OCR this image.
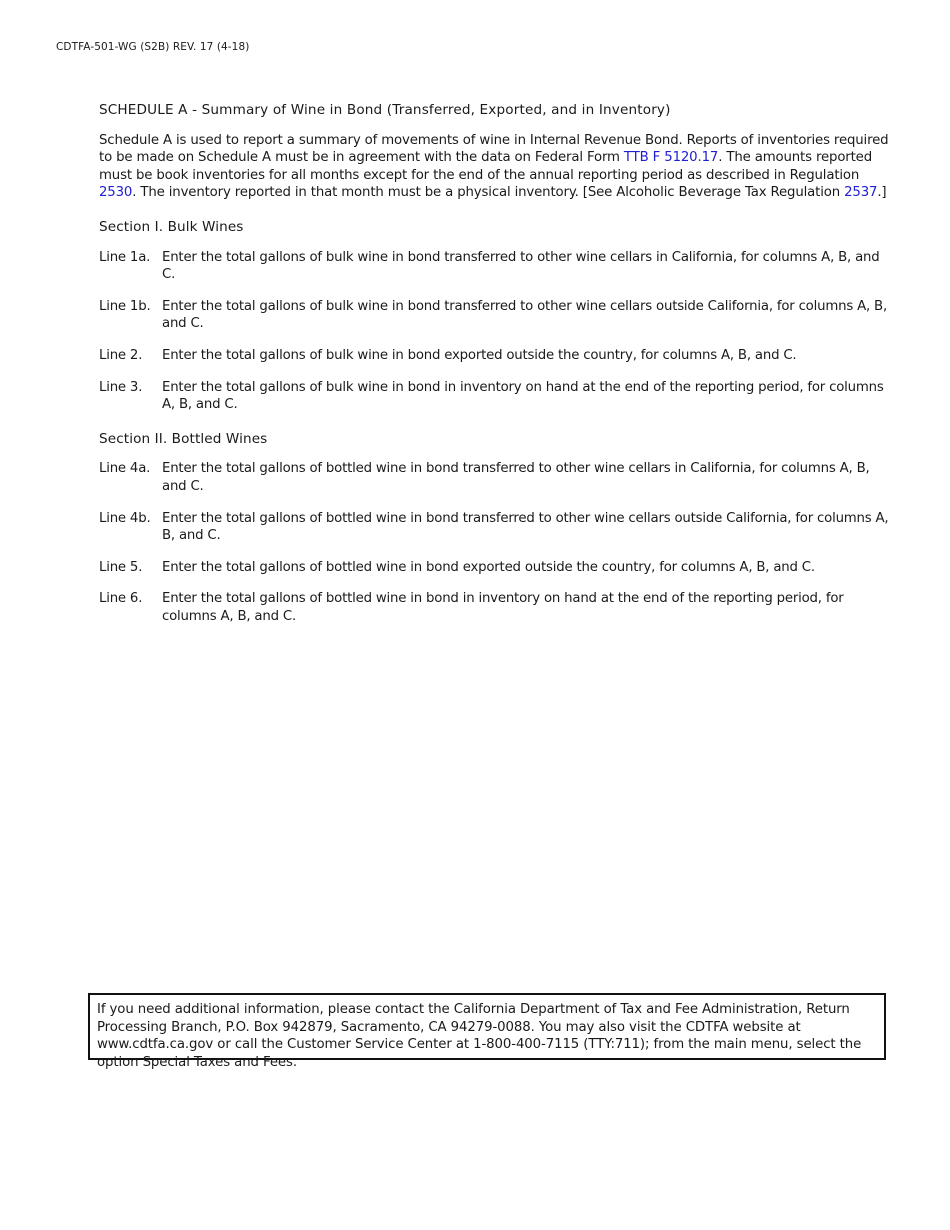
CDTFA-501-WG (S2B) REV. 17 (4-18)
SCHEDULE A - Summary of Wine in Bond (Transferred, Exported, and in Inventory)
Schedule A is used to report a summary of movements of wine in Internal Revenue Bond. Reports of inventories required to be made on Schedule A must be in agreement with the data on Federal Form TTB F 5120.17. The amounts reported must be book inventories for all months except for the end of the annual reporting period as described in Regulation 2530. The inventory reported in that month must be a physical inventory. [See Alcoholic Beverage Tax Regulation 2537.]
Section I. Bulk Wines
Line 1a. Enter the total gallons of bulk wine in bond transferred to other wine cellars in California, for columns A, B, and C.
Line 1b. Enter the total gallons of bulk wine in bond transferred to other wine cellars outside California, for columns A, B, and C.
Line 2.	Enter the total gallons of bulk wine in bond exported outside the country, for columns A, B, and C.
Line 3.	Enter the total gallons of bulk wine in bond in inventory on hand at the end of the reporting period, for columns A, B, and C.
Section II. Bottled Wines
Line 4a. Enter the total gallons of bottled wine in bond transferred to other wine cellars in California, for columns A, B, and C.
Line 4b. Enter the total gallons of bottled wine in bond transferred to other wine cellars outside California, for columns A, B, and C.
Line 5.	Enter the total gallons of bottled wine in bond exported outside the country, for columns A, B, and C.
Line 6.	Enter the total gallons of bottled wine in bond in inventory on hand at the end of the reporting period, for columns A, B, and C.
If you need additional information, please contact the California Department of Tax and Fee Administration, Return Processing Branch, P.O. Box 942879, Sacramento, CA 94279-0088. You may also visit the CDTFA website at www.cdtfa.ca.gov or call the Customer Service Center at 1-800-400-7115 (TTY:711); from the main menu, select the option Special Taxes and Fees.
